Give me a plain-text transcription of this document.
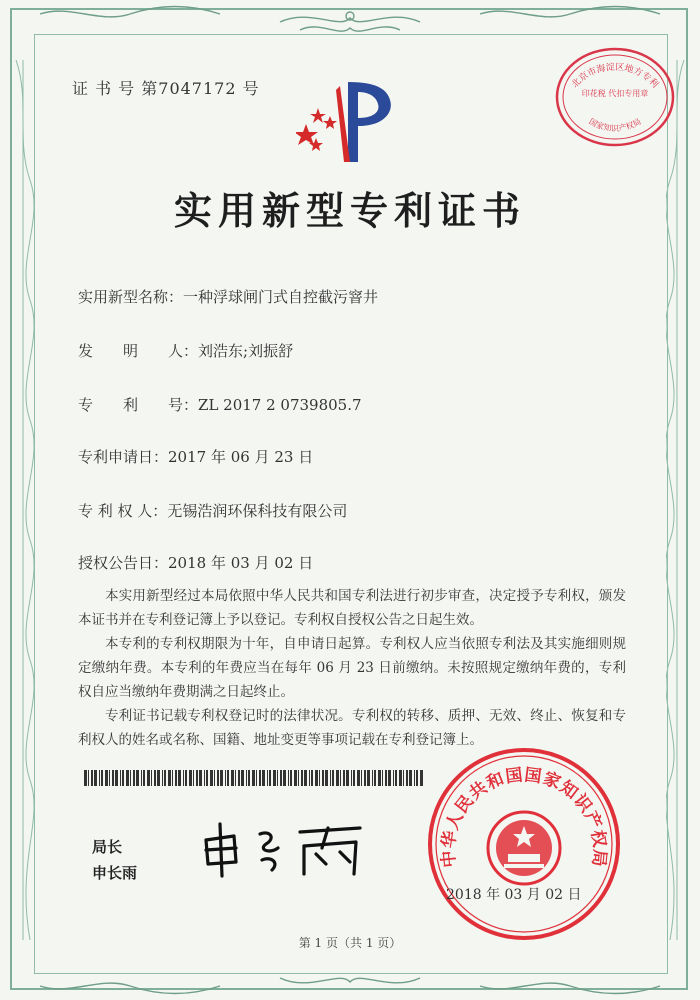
证 书 号 第7047172 号	北京市海淀区地方专利
印花税 代扣专用章
国家知识产权局
实用新型专利证书
实用新型名称：一种浮球闸门式自控截污窨井
发　　明　　人：刘浩东;刘振舒
专　　利　　号：ZL 2017 2 0739805.7
专利申请日：2017 年 06 月 23 日
专 利 权 人：无锡浩润环保科技有限公司
授权公告日：2018 年 03 月 02 日

本实用新型经过本局依照中华人民共和国专利法进行初步审查，决定授予专利权，颁发本证书并在专利登记簿上予以登记。专利权自授权公告之日起生效。

本专利的专利权期限为十年，自申请日起算。专利权人应当依照专利法及其实施细则规定缴纳年费。本专利的年费应当在每年 06 月 23 日前缴纳。未按照规定缴纳年费的，专利权自应当缴纳年费期满之日起终止。

专利证书记载专利权登记时的法律状况。专利权的转移、质押、无效、终止、恢复和专利权人的姓名或名称、国籍、地址变更等事项记载在专利登记簿上。

局长
申长雨
中华人民共和国国家知识产权局
2018 年 03 月 02 日
第 1 页（共 1 页）
